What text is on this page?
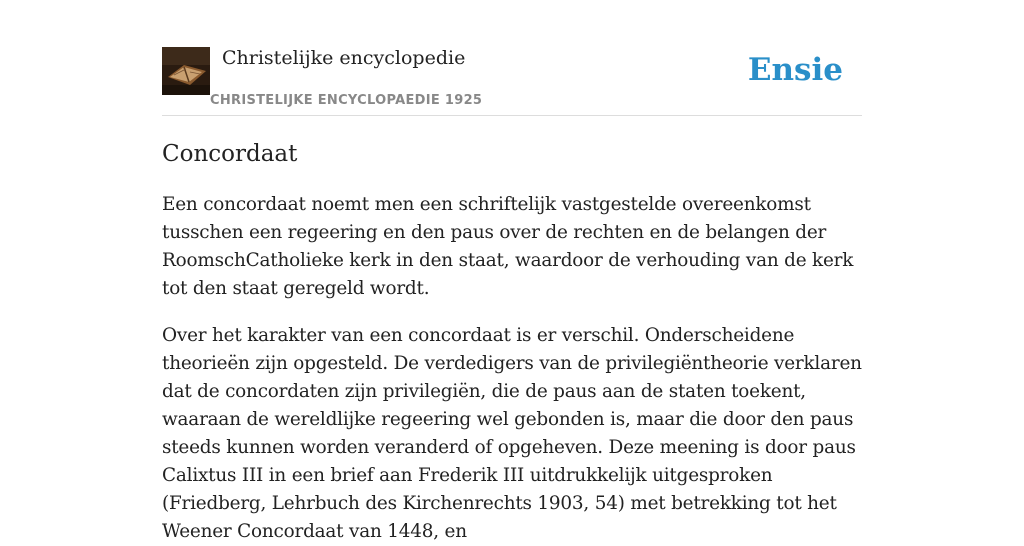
Christelijke encyclopedie
CHRISTELIJKE ENCYCLOPAEDIE 1925
Ensie
Concordaat

Een concordaat noemt men een schriftelijk vastgestelde overeenkomst tusschen een regeering en den paus over de rechten en de belangen der RoomschCatholieke kerk in den staat, waardoor de verhouding van de kerk tot den staat geregeld wordt.

Over het karakter van een concordaat is er verschil. Onderscheidene theorieën zijn opgesteld. De verdedigers van de privilegiëntheorie verklaren dat de concordaten zijn privilegiën, die de paus aan de staten toekent, waaraan de wereldlijke regeering wel gebonden is, maar die door den paus steeds kunnen worden veranderd of opgeheven. Deze meening is door paus Calixtus III in een brief aan Frederik III uitdrukkelijk uitgesproken (Friedberg, Lehrbuch des Kirchenrechts 1903, 54) met betrekking tot het Weener Concordaat van 1448, en
